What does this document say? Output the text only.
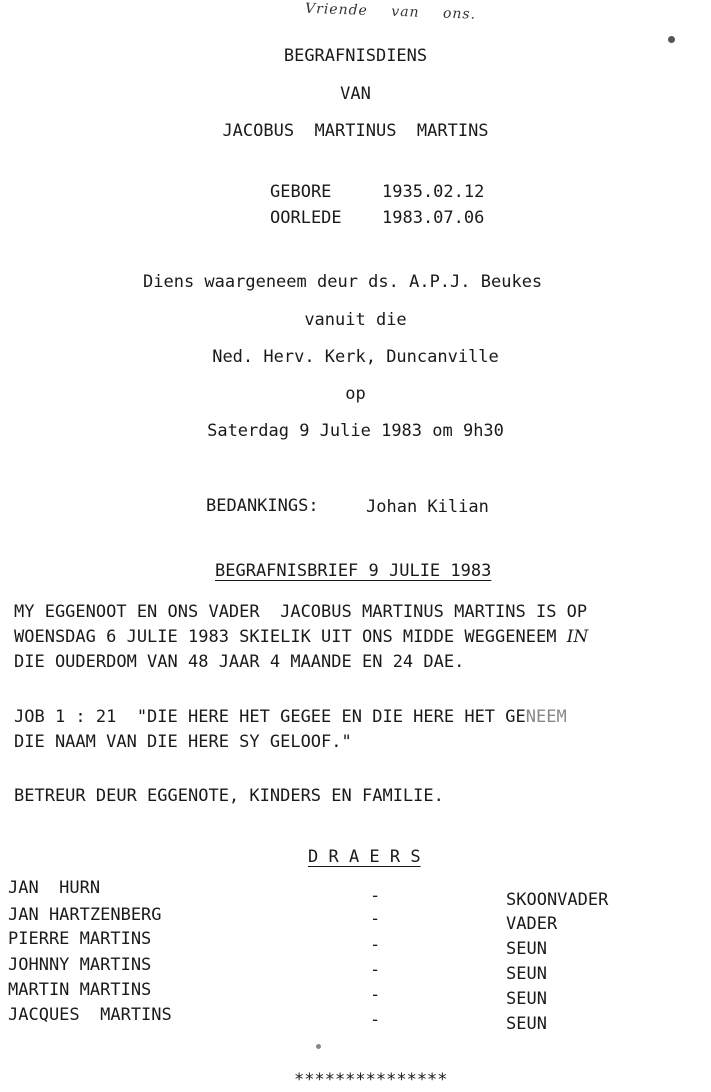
Vriende van ons.
BEGRAFNISDIENS
VAN
JACOBUS  MARTINUS  MARTINS
GEBORE	1935.02.12
OORLEDE 1983.07.06
Diens waargeneem deur ds. A.P.J. Beukes
vanuit die
Ned. Herv. Kerk, Duncanville
op
Saterdag 9 Julie 1983 om 9h30
BEDANKINGS:	Johan Kilian
BEGRAFNISBRIEF 9 JULIE 1983
MY EGGENOOT EN ONS VADER  JACOBUS MARTINUS MARTINS IS OP
WOENSDAG 6 JULIE 1983 SKIELIK UIT ONS MIDDE WEGGENEEM IN
DIE OUDERDOM VAN 48 JAAR 4 MAANDE EN 24 DAE.
JOB 1 : 21  "DIE HERE HET GEGEE EN DIE HERE HET GENEEM
DIE NAAM VAN DIE HERE SY GELOOF."
BETREUR DEUR EGGENOTE, KINDERS EN FAMILIE.
D R A E R S
JAN  HURN	-	SKOONVADER
JAN HARTZENBERG	-	VADER
PIERRE MARTINS	-	SEUN
JOHNNY MARTINS	-	SEUN
MARTIN MARTINS	-	SEUN
JACQUES  MARTINS	-	SEUN
***************
